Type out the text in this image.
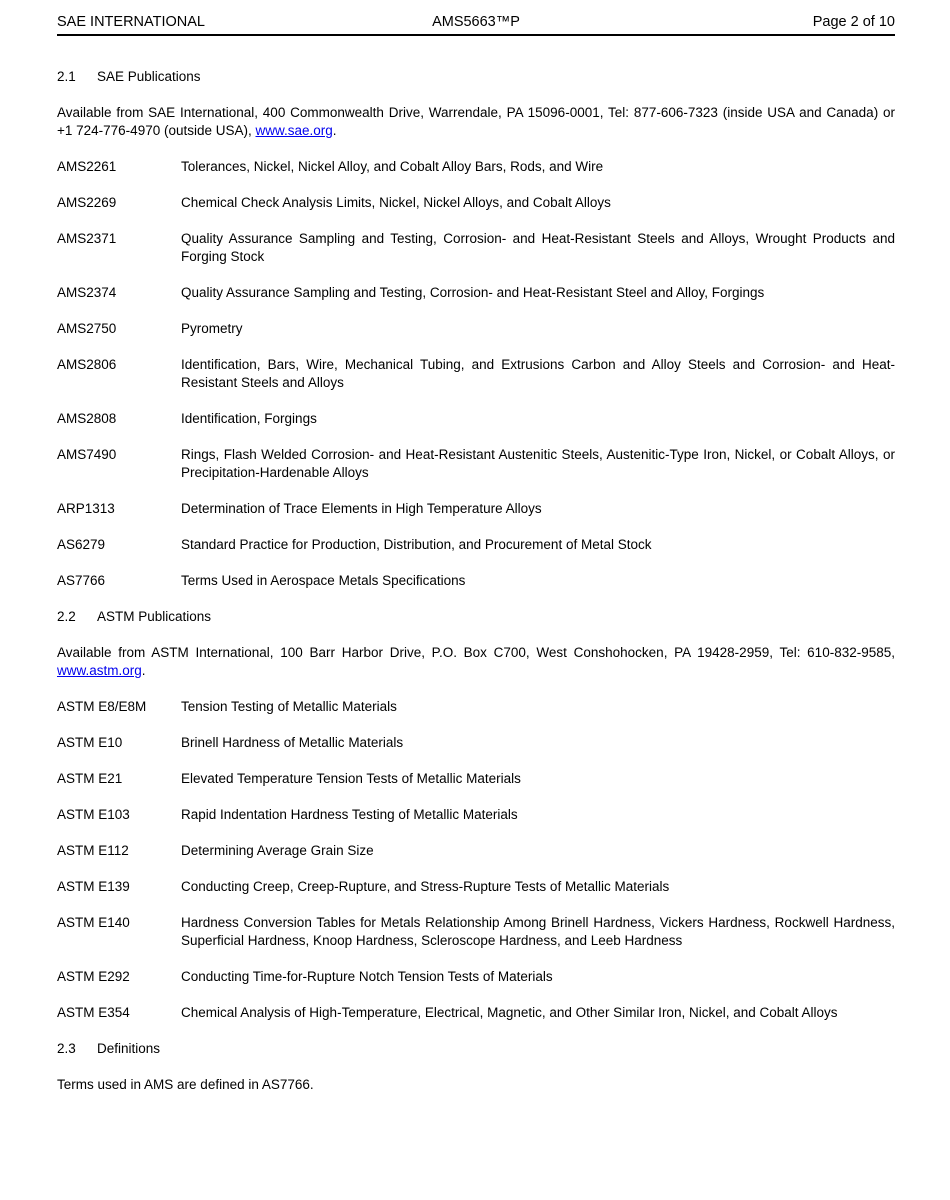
SAE INTERNATIONAL	AMS5663™P	Page 2 of 10
2.1 SAE Publications

Available from SAE International, 400 Commonwealth Drive, Warrendale, PA 15096-0001, Tel: 877-606-7323 (inside USA and Canada) or +1 724-776-4970 (outside USA), www.sae.org.

AMS2261	Tolerances, Nickel, Nickel Alloy, and Cobalt Alloy Bars, Rods, and Wire
AMS2269	Chemical Check Analysis Limits, Nickel, Nickel Alloys, and Cobalt Alloys
AMS2371	Quality Assurance Sampling and Testing, Corrosion- and Heat-Resistant Steels and Alloys, Wrought Products and Forging Stock
AMS2374	Quality Assurance Sampling and Testing, Corrosion- and Heat-Resistant Steel and Alloy, Forgings
AMS2750	Pyrometry
AMS2806	Identification, Bars, Wire, Mechanical Tubing, and Extrusions Carbon and Alloy Steels and Corrosion- and Heat-Resistant Steels and Alloys
AMS2808	Identification, Forgings
AMS7490	Rings, Flash Welded Corrosion- and Heat-Resistant Austenitic Steels, Austenitic-Type Iron, Nickel, or Cobalt Alloys, or Precipitation-Hardenable Alloys
ARP1313	Determination of Trace Elements in High Temperature Alloys
AS6279	Standard Practice for Production, Distribution, and Procurement of Metal Stock
AS7766	Terms Used in Aerospace Metals Specifications
2.2 ASTM Publications

Available from ASTM International, 100 Barr Harbor Drive, P.O. Box C700, West Conshohocken, PA 19428-2959, Tel: 610-832-9585, www.astm.org.

ASTM E8/E8M	Tension Testing of Metallic Materials
ASTM E10	Brinell Hardness of Metallic Materials
ASTM E21	Elevated Temperature Tension Tests of Metallic Materials
ASTM E103	Rapid Indentation Hardness Testing of Metallic Materials
ASTM E112	Determining Average Grain Size
ASTM E139	Conducting Creep, Creep-Rupture, and Stress-Rupture Tests of Metallic Materials
ASTM E140	Hardness Conversion Tables for Metals Relationship Among Brinell Hardness, Vickers Hardness, Rockwell Hardness, Superficial Hardness, Knoop Hardness, Scleroscope Hardness, and Leeb Hardness
ASTM E292	Conducting Time-for-Rupture Notch Tension Tests of Materials
ASTM E354	Chemical Analysis of High-Temperature, Electrical, Magnetic, and Other Similar Iron, Nickel, and Cobalt Alloys
2.3 Definitions

Terms used in AMS are defined in AS7766.
